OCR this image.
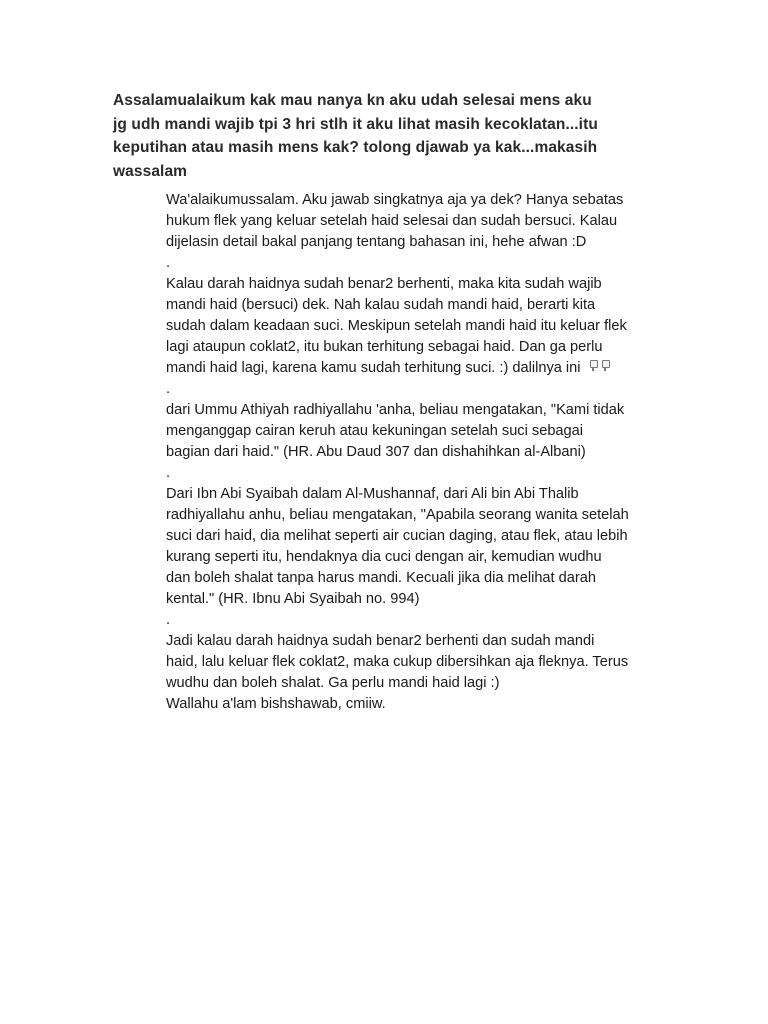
Assalamualaikum kak mau nanya kn aku udah selesai mens aku
jg udh mandi wajib tpi 3 hri stlh it aku lihat masih kecoklatan...itu
keputihan atau masih mens kak? tolong djawab ya kak...makasih
wassalam
Wa'alaikumussalam. Aku jawab singkatnya aja ya dek? Hanya sebatas
hukum flek yang keluar setelah haid selesai dan sudah bersuci. Kalau
dijelasin detail bakal panjang tentang bahasan ini, hehe afwan :D
.
Kalau darah haidnya sudah benar2 berhenti, maka kita sudah wajib
mandi haid (bersuci) dek. Nah kalau sudah mandi haid, berarti kita
sudah dalam keadaan suci. Meskipun setelah mandi haid itu keluar flek
lagi ataupun coklat2, itu bukan terhitung sebagai haid. Dan ga perlu
mandi haid lagi, karena kamu sudah terhitung suci. :) dalilnya ini
.
dari Ummu Athiyah radhiyallahu 'anha, beliau mengatakan, "Kami tidak
menganggap cairan keruh atau kekuningan setelah suci sebagai
bagian dari haid." (HR. Abu Daud 307 dan dishahihkan al-Albani)
.
Dari Ibn Abi Syaibah dalam Al-Mushannaf, dari Ali bin Abi Thalib
radhiyallahu anhu, beliau mengatakan, "Apabila seorang wanita setelah
suci dari haid, dia melihat seperti air cucian daging, atau flek, atau lebih
kurang seperti itu, hendaknya dia cuci dengan air, kemudian wudhu
dan boleh shalat tanpa harus mandi. Kecuali jika dia melihat darah
kental." (HR. Ibnu Abi Syaibah no. 994)
.
Jadi kalau darah haidnya sudah benar2 berhenti dan sudah mandi
haid, lalu keluar flek coklat2, maka cukup dibersihkan aja fleknya. Terus
wudhu dan boleh shalat. Ga perlu mandi haid lagi :)
Wallahu a'lam bishshawab, cmiiw.
